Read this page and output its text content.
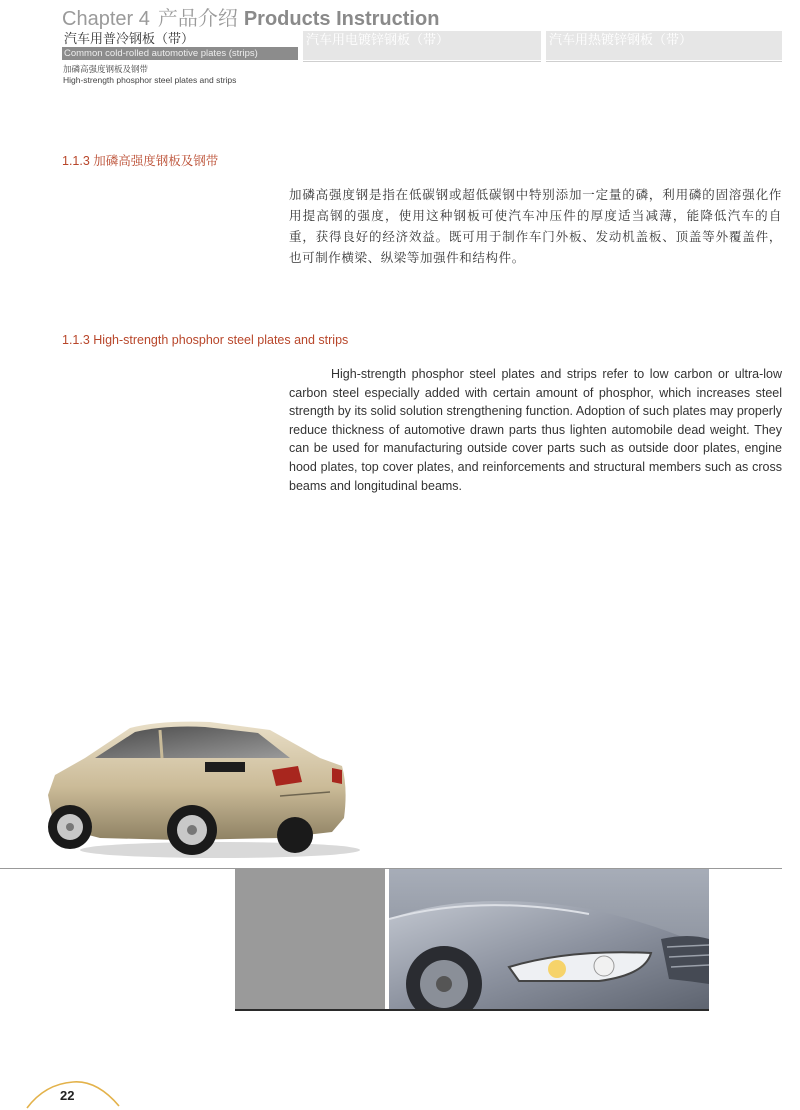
Chapter 4 产品介绍 Products Instruction
汽车用普冷钢板（带）
Common cold-rolled automotive plates (strips)
汽车用电镀锌钢板（带）	汽车用热镀锌钢板（带）
加磷高强度钢板及钢带
High-strength phosphor steel plates and strips
1.1.3 加磷高强度钢板及钢带

加磷高强度钢是指在低碳钢或超低碳钢中特别添加一定量的磷，利用磷的固溶强化作用提高钢的强度，使用这种钢板可使汽车冲压件的厚度适当减薄，能降低汽车的自重，获得良好的经济效益。既可用于制作车门外板、发动机盖板、顶盖等外覆盖件，也可制作横梁、纵梁等加强件和结构件。

1.1.3 High-strength phosphor steel plates and strips

High-strength phosphor steel plates and strips refer to low carbon or ultra-low carbon steel especially added with certain amount of phosphor, which increases steel strength by its solid solution strengthening function. Adoption of such plates may properly reduce thickness of automotive drawn parts thus lighten automobile dead weight. They can be used for manufacturing outside cover parts such as outside door plates, engine hood plates, top cover plates, and reinforcements and structural members such as cross beams and longitudinal beams.

22
